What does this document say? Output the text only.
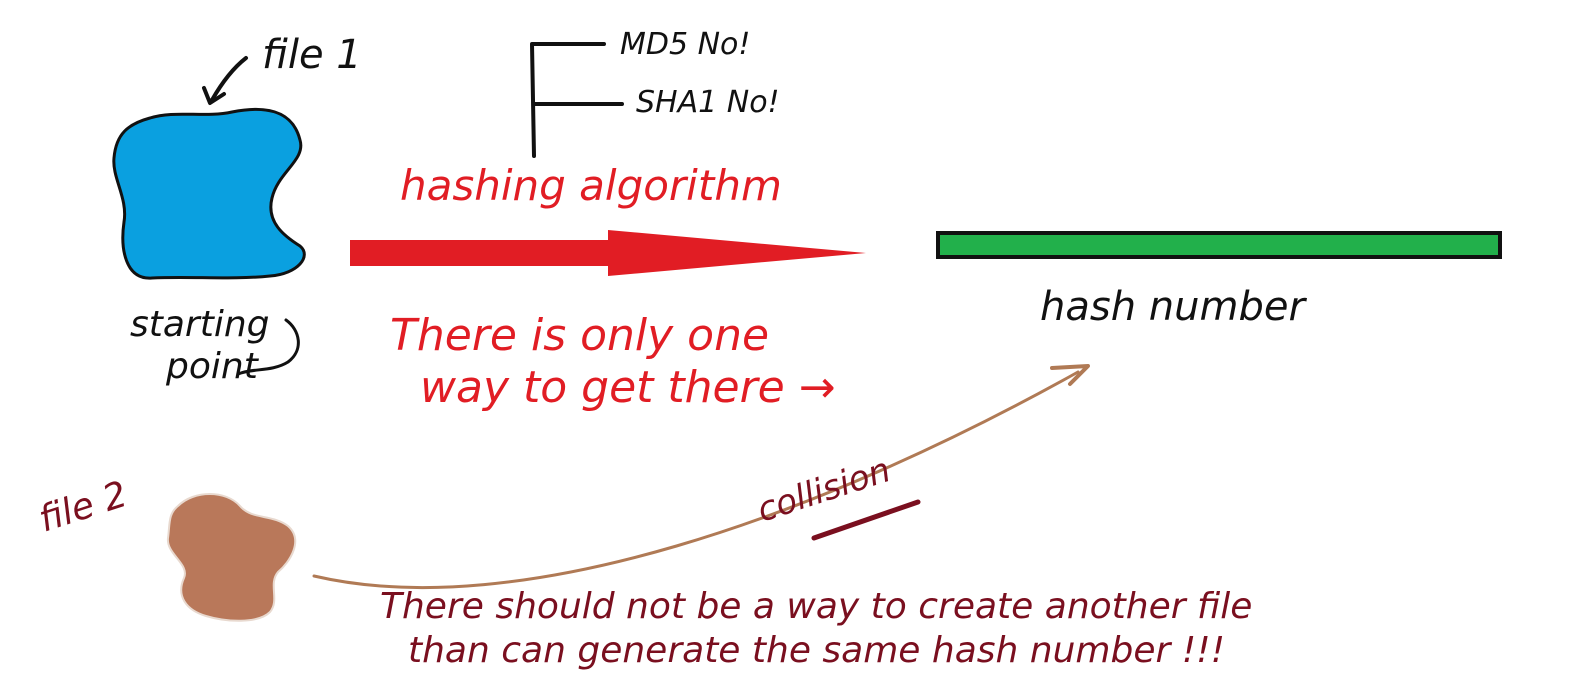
file 1
starting
point
MD5 No!
SHA1 No!
hashing algorithm
hash number
There is only one
way to get there →
file 2	collision
There should not be a way to create another file
than can generate the same hash number !!!
